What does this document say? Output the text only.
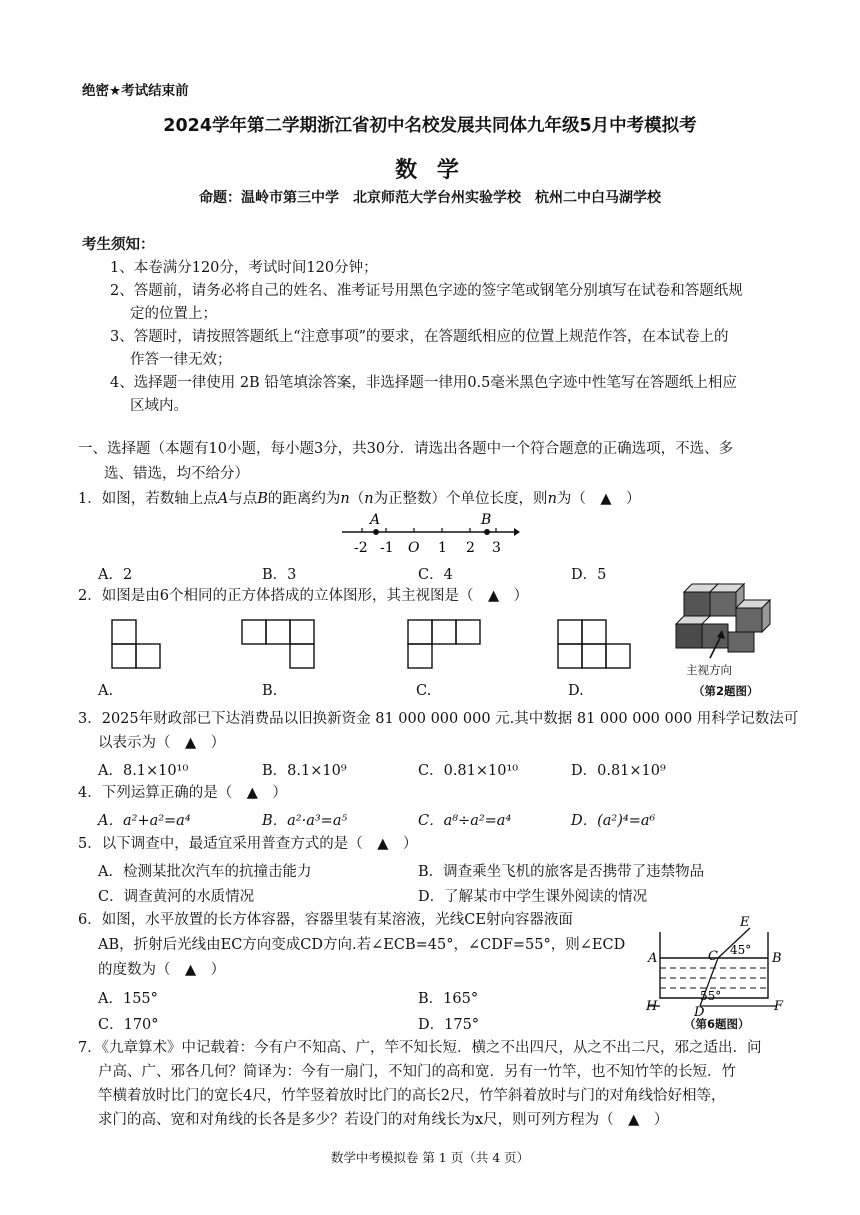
绝密★考试结束前
2024学年第二学期浙江省初中名校发展共同体九年级5月中考模拟考
数 学
命题：温岭市第三中学　北京师范大学台州实验学校　杭州二中白马湖学校
考生须知：
1、本卷满分120分，考试时间120分钟；
2、答题前，请务必将自己的姓名、准考证号用黑色字迹的签字笔或钢笔分别填写在试卷和答题纸规
定的位置上；
3、答题时，请按照答题纸上“注意事项”的要求，在答题纸相应的位置上规范作答，在本试卷上的
作答一律无效；
4、选择题一律使用 2B 铅笔填涂答案，非选择题一律用0.5毫米黑色字迹中性笔写在答题纸上相应
区域内。
一、选择题（本题有10小题，每小题3分，共30分．请选出各题中一个符合题意的正确选项，不选、多
选、错选，均不给分）
1．如图，若数轴上点A与点B的距离约为n（n为正整数）个单位长度，则n为（　▲　）
A	B
-2 -1 O 1 2 3
A．2	B．3	C．4	D．5
2．如图是由6个相同的正方体搭成的立体图形，其主视图是（　▲　）
A.	B.	C.	D.
主视方向
（第2题图）
3．2025年财政部已下达消费品以旧换新资金 81 000 000 000 元.其中数据 81 000 000 000 用科学记数法可
以表示为（　▲　）
A．8.1×10¹⁰	B．8.1×10⁹	C．0.81×10¹⁰	D．0.81×10⁹
4．下列运算正确的是（　▲　）
A．a²+a²=a⁴	B．a²·a³=a⁵	C．a⁸÷a²=a⁴	D．(a²)⁴=a⁶
5．以下调查中，最适宜采用普查方式的是（　▲　）
A．检测某批次汽车的抗撞击能力	B．调查乘坐飞机的旅客是否携带了违禁物品
C．调查黄河的水质情况	D．了解某市中学生课外阅读的情况
6．如图，水平放置的长方体容器，容器里装有某溶液，光线CE射向容器液面
AB，折射后光线由EC方向变成CD方向.若∠ECB=45°，∠CDF=55°，则∠ECD
的度数为（　▲　）
A．155°	B．165°
C．170°	D．175°
E
A	B
C
H	F
D
45°
55°
（第6题图）
7．《九章算术》中记载着：今有户不知高、广，竿不知长短．横之不出四尺，从之不出二尺，邪之适出．问
户高、广、邪各几何？简译为：今有一扇门，不知门的高和宽．另有一竹竿，也不知竹竿的长短．竹
竿横着放时比门的宽长4尺，竹竿竖着放时比门的高长2尺，竹竿斜着放时与门的对角线恰好相等，
求门的高、宽和对角线的长各是多少？若设门的对角线长为x尺，则可列方程为（　▲　）
数学中考模拟卷 第 1 页（共 4 页）
